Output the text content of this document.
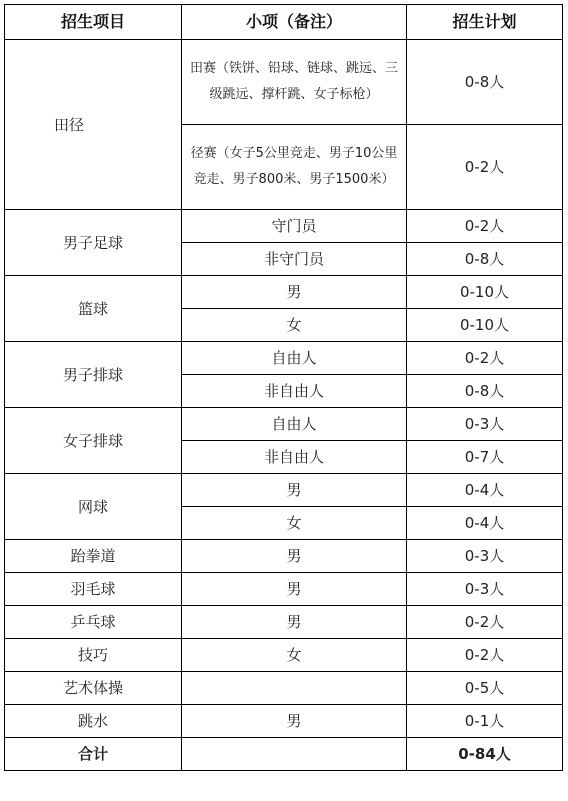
招生项目	小项（备注）	招生计划
田径	田赛（铁饼、铅球、链球、跳远、三级跳远、撑杆跳、女子标枪）	0-8人
	径赛（女子5公里竞走、男子10公里竞走、男子800米、男子1500米）	0-2人
男子足球	守门员	0-2人
	非守门员	0-8人
篮球	男	0-10人
	女	0-10人
男子排球	自由人	0-2人
	非自由人	0-8人
女子排球	自由人	0-3人
	非自由人	0-7人
网球	男	0-4人
	女	0-4人
跆拳道	男	0-3人
羽毛球	男	0-3人
乒乓球	男	0-2人
技巧	女	0-2人
艺术体操		0-5人
跳水	男	0-1人
合计		0-84人
